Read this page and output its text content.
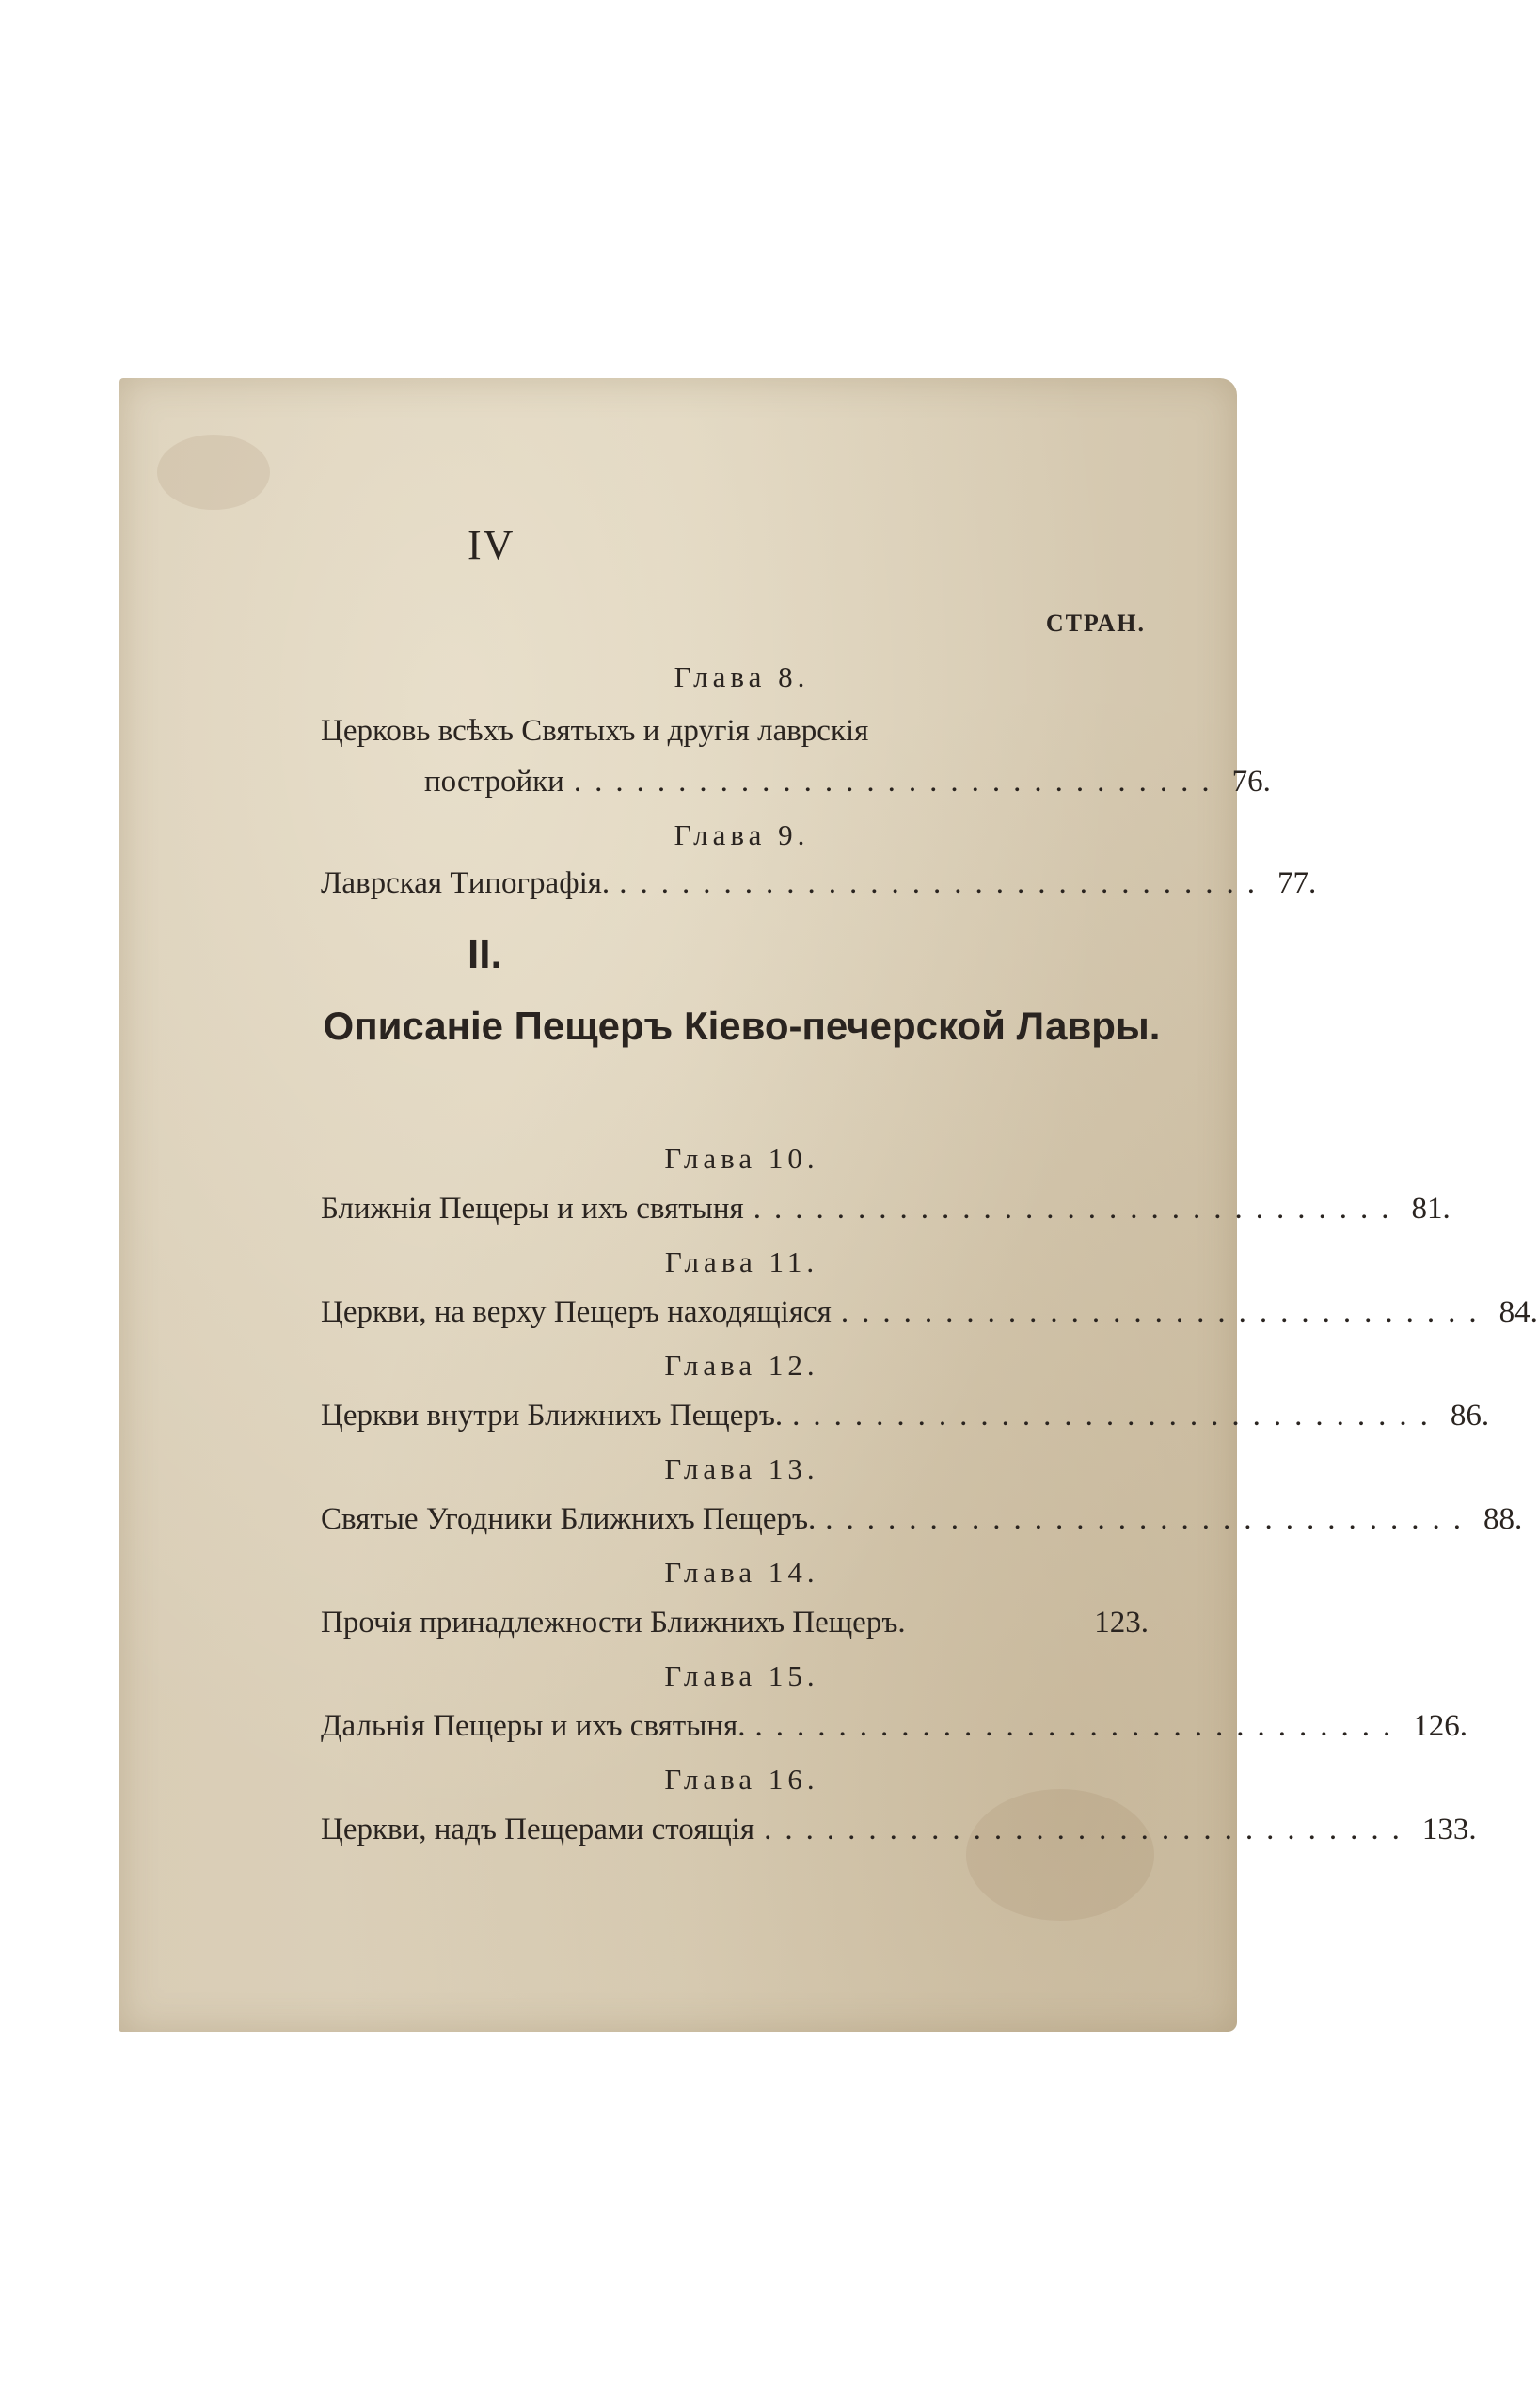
IV
СТРАН.
Глава 8.
Церковь всѣхъ Святыхъ и другія лаврскія
постройки ............................... 76.
Глава 9.
Лаврская Типографія. ............................... 77.
II.
Описаніе Пещеръ Кіево-печерской Лавры.
Глава 10.
Ближнія Пещеры и ихъ святыня ............................... 81.
Глава 11.
Церкви, на верху Пещеръ находящіяся ............................... 84.
Глава 12.
Церкви внутри Ближнихъ Пещеръ. ............................... 86.
Глава 13.
Святые Угодники Ближнихъ Пещеръ. ............................... 88.
Глава 14.
Прочія принадлежности Ближнихъ Пещеръ.	123.
Глава 15.
Дальнія Пещеры и ихъ святыня. ............................... 126.
Глава 16.
Церкви, надъ Пещерами стоящія ............................... 133.
